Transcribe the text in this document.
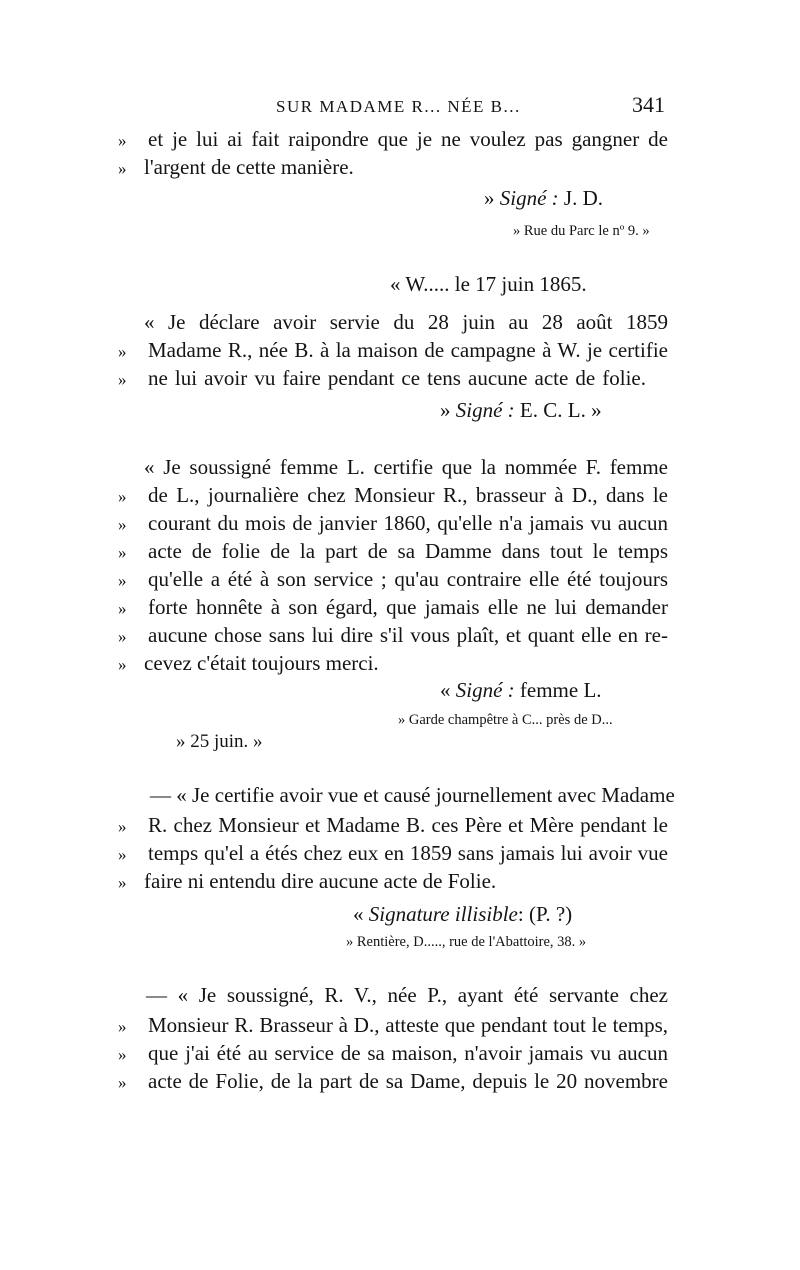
SUR MADAME R... NÉE B...	341
» et je lui ai fait raipondre que je ne voulez pas gangner de
» l'argent de cette manière.
» Signé : J. D.
» Rue du Parc le nº 9. »
« W..... le 17 juin 1865.
« Je déclare avoir servie du 28 juin au 28 août 1859
» Madame R., née B. à la maison de campagne à W. je certifie
» ne lui avoir vu faire pendant ce tens aucune acte de folie.
» Signé : E. C. L. »
« Je soussigné femme L. certifie que la nommée F. femme
» de L., journalière chez Monsieur R., brasseur à D., dans le
» courant du mois de janvier 1860, qu'elle n'a jamais vu aucun
» acte de folie de la part de sa Damme dans tout le temps
» qu'elle a été à son service ; qu'au contraire elle été toujours
» forte honnête à son égard, que jamais elle ne lui demander
» aucune chose sans lui dire s'il vous plaît, et quant elle en re-
» cevez c'était toujours merci.
« Signé : femme L.
» Garde champêtre à C... près de D...
» 25 juin. »
— « Je certifie avoir vue et causé journellement avec Madame
» R. chez Monsieur et Madame B. ces Père et Mère pendant le
» temps qu'el a étés chez eux en 1859 sans jamais lui avoir vue
» faire ni entendu dire aucune acte de Folie.
« Signature illisible: (P. ?)
» Rentière, D....., rue de l'Abattoire, 38. »
— « Je soussigné, R. V., née P., ayant été servante chez
» Monsieur R. Brasseur à D., atteste que pendant tout le temps,
» que j'ai été au service de sa maison, n'avoir jamais vu aucun
» acte de Folie, de la part de sa Dame, depuis le 20 novembre
